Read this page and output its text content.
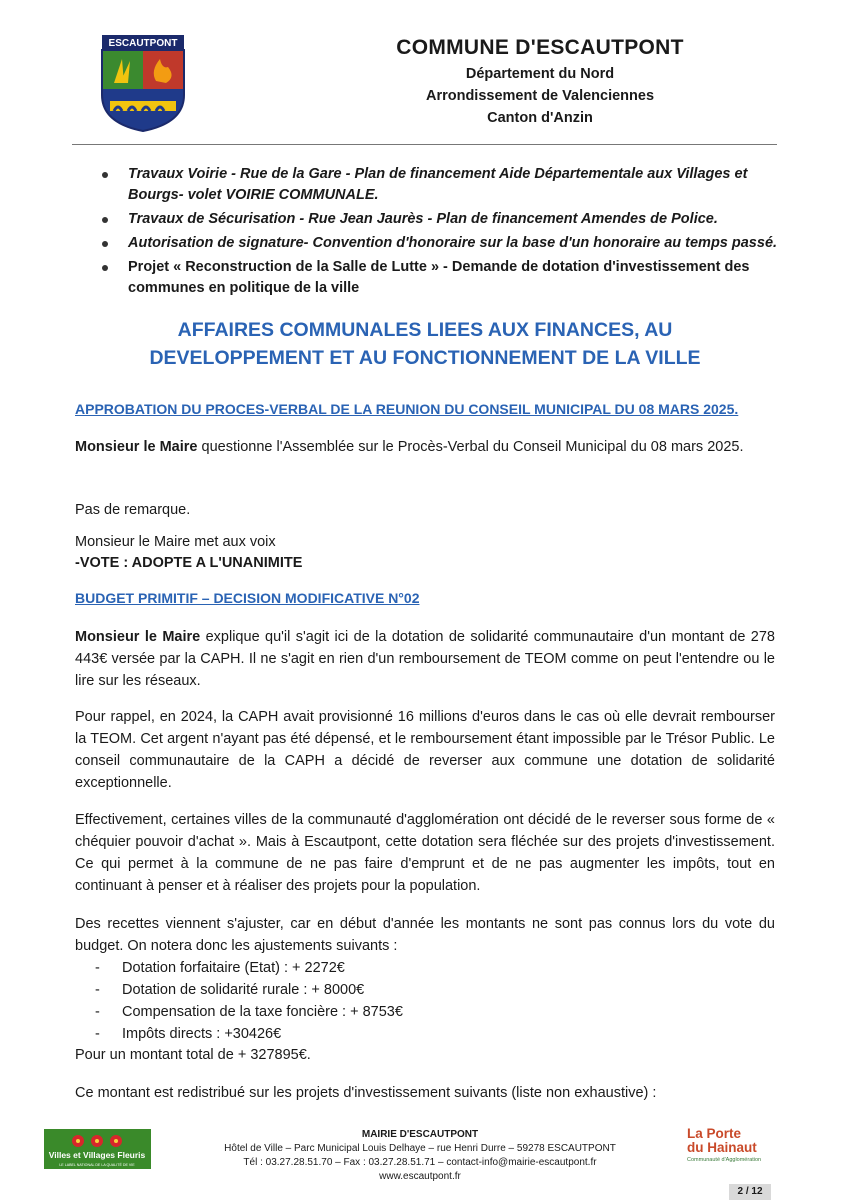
ESCAUTPONT	COMMUNE D'ESCAUTPONT
Département du Nord
Arrondissement de Valenciennes
Canton d'Anzin
Travaux Voirie - Rue de la Gare - Plan de financement Aide Départementale aux Villages et Bourgs- volet VOIRIE COMMUNALE.
Travaux de Sécurisation - Rue Jean Jaurès - Plan de financement Amendes de Police.
Autorisation de signature- Convention d'honoraire sur la base d'un honoraire au temps passé.
Projet « Reconstruction de la Salle de Lutte » - Demande de dotation d'investissement des communes en politique de la ville
AFFAIRES COMMUNALES LIEES AUX FINANCES, AU
DEVELOPPEMENT ET AU FONCTIONNEMENT DE LA VILLE
APPROBATION DU PROCES-VERBAL DE LA REUNION DU CONSEIL MUNICIPAL DU 08 MARS 2025.
Monsieur le Maire questionne l'Assemblée sur le Procès-Verbal du Conseil Municipal du 08 mars 2025.
Pas de remarque.
Monsieur le Maire met aux voix
-VOTE : ADOPTE A L'UNANIMITE
BUDGET PRIMITIF – DECISION MODIFICATIVE N°02
Monsieur le Maire explique qu'il s'agit ici de la dotation de solidarité communautaire d'un montant de 278 443€ versée par la CAPH. Il ne s'agit en rien d'un remboursement de TEOM comme on peut l'entendre ou le lire sur les réseaux.
Pour rappel, en 2024, la CAPH avait provisionné 16 millions d'euros dans le cas où elle devrait rembourser la TEOM. Cet argent n'ayant pas été dépensé, et le remboursement étant impossible par le Trésor Public. Le conseil communautaire de la CAPH a décidé de reverser aux commune une dotation de solidarité exceptionnelle.
Effectivement, certaines villes de la communauté d'agglomération ont décidé de le reverser sous forme de « chéquier pouvoir d'achat ». Mais à Escautpont, cette dotation sera fléchée sur des projets d'investissement. Ce qui permet à la commune de ne pas faire d'emprunt et de ne pas augmenter les impôts, tout en continuant à penser et à réaliser des projets pour la population.
Des recettes viennent s'ajuster, car en début d'année les montants ne sont pas connus lors du vote du budget. On notera donc les ajustements suivants :
- Dotation forfaitaire (Etat) : + 2272€
- Dotation de solidarité rurale : + 8000€
- Compensation de la taxe foncière : + 8753€
- Impôts directs : +30426€
Pour un montant total de + 327895€.
Ce montant est redistribué sur les projets d'investissement suivants (liste non exhaustive) :
Villes et Villages Fleuris
LE LABEL NATIONAL DE LA QUALITÉ DE VIE
MAIRIE D'ESCAUTPONT
Hôtel de Ville – Parc Municipal Louis Delhaye – rue Henri Durre – 59278 ESCAUTPONT
Tél : 03.27.28.51.70 – Fax : 03.27.28.51.71 – contact-info@mairie-escautpont.fr
www.escautpont.fr
La Porte
du Hainaut
Communauté d'Agglomération
2 / 12
